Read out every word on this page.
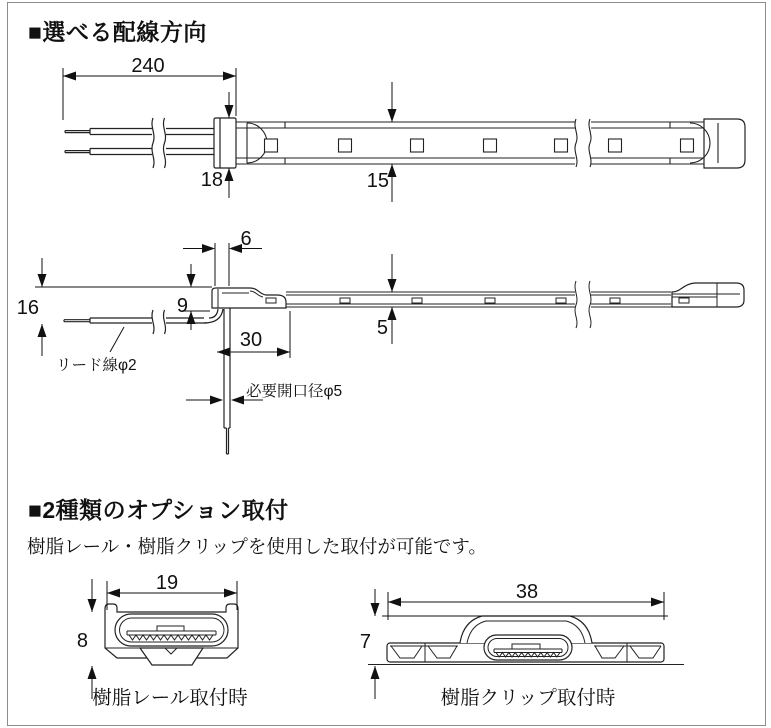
■選べる配線方向
■2種類のオプション取付
樹脂レール・樹脂クリップを使用した取付が可能です。
240
18	15
16	9
6
5
30
リード線φ2
必要開口径φ5
19
8
樹脂レール取付時
38
7
樹脂クリップ取付時
